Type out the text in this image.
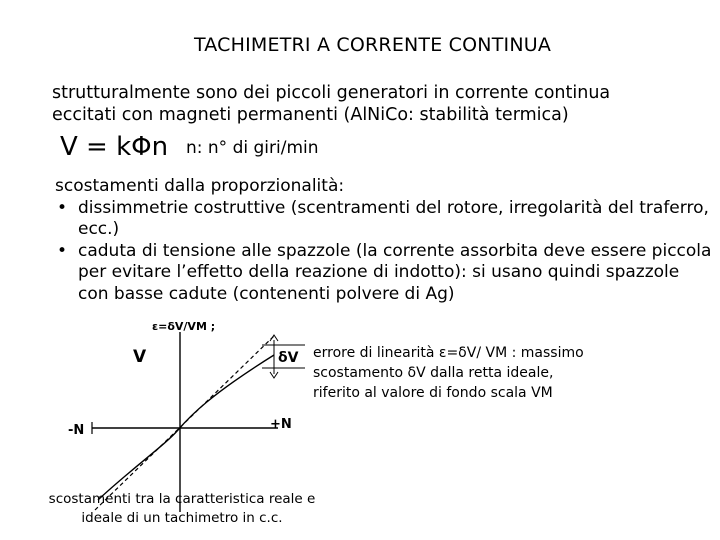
TACHIMETRI A CORRENTE CONTINUA
strutturalmente sono dei piccoli generatori in corrente continua
eccitati con magneti permanenti (AlNiCo: stabilità termica)
V = kΦn n: n° di giri/min
scostamenti dalla proporzionalità:
• dissimmetrie costruttive (scentramenti del rotore, irregolarità del traferro, ecc.)
• caduta di tensione alle spazzole (la corrente assorbita deve essere piccola per evitare l’effetto della reazione di indotto): si usano quindi spazzole con basse cadute (contenenti polvere di Ag)
ε=δV/VM ;
V	δV
-N	+N
errore di linearità ε=δV/ VM : massimo
scostamento δV dalla retta ideale,
riferito al valore di fondo scala VM
scostamenti tra la caratteristica reale e
ideale di un tachimetro in c.c.
